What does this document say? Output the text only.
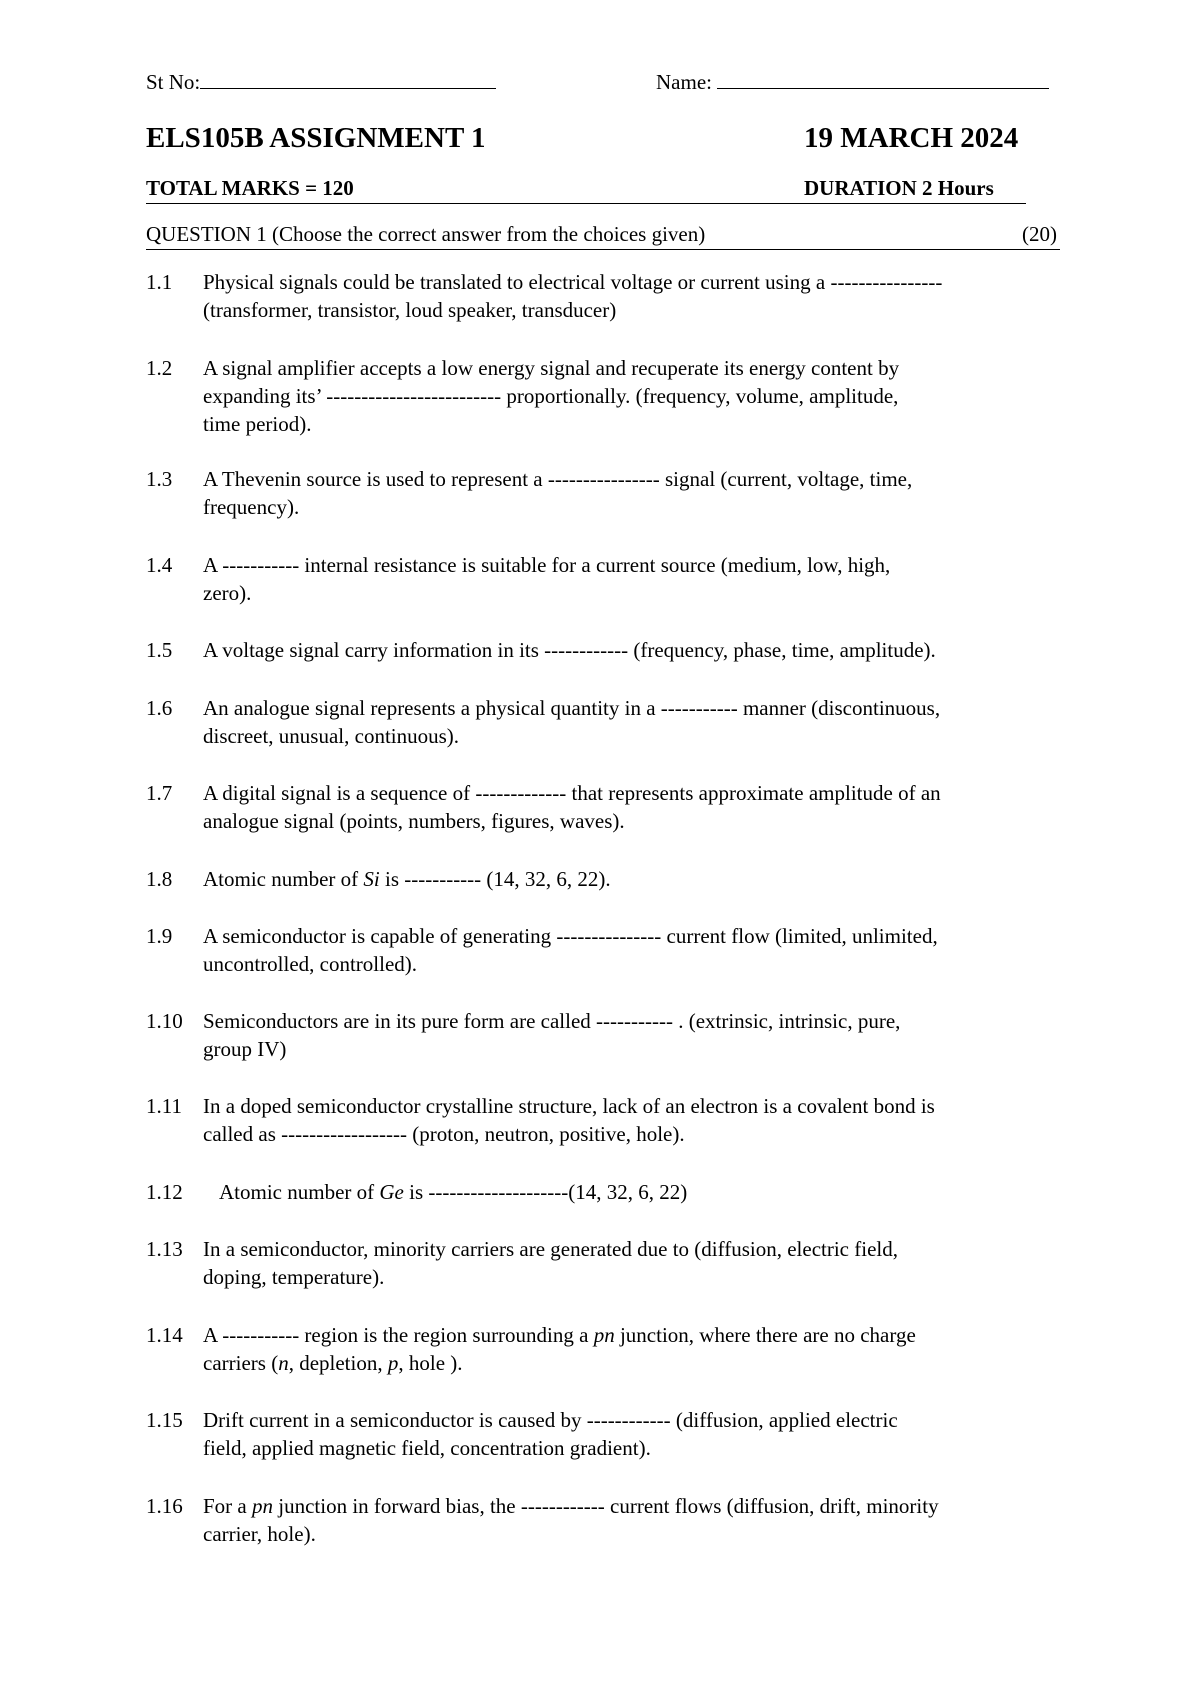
St No:	Name:
ELS105B ASSIGNMENT 1	19 MARCH 2024
TOTAL MARKS = 120	DURATION 2 Hours
QUESTION 1 (Choose the correct answer from the choices given)	(20)
1.1	Physical signals could be translated to electrical voltage or current using a ----------------
(transformer, transistor, loud speaker, transducer)
1.2	A signal amplifier accepts a low energy signal and recuperate its energy content by
expanding its’ ------------------------- proportionally. (frequency, volume, amplitude,
time period).
1.3	A Thevenin source is used to represent a ---------------- signal (current, voltage, time,
frequency).
1.4	A ----------- internal resistance is suitable for a current source (medium, low, high,
zero).
1.5	A voltage signal carry information in its ------------ (frequency, phase, time, amplitude).
1.6	An analogue signal represents a physical quantity in a ----------- manner (discontinuous,
discreet, unusual, continuous).
1.7	A digital signal is a sequence of ------------- that represents approximate amplitude of an
analogue signal (points, numbers, figures, waves).
1.8	Atomic number of Si is ----------- (14, 32, 6, 22).
1.9	A semiconductor is capable of generating --------------- current flow (limited, unlimited,
uncontrolled, controlled).
1.10 Semiconductors are in its pure form are called ----------- . (extrinsic, intrinsic, pure,
group IV)
1.11	In a doped semiconductor crystalline structure, lack of an electron is a covalent bond is
called as ------------------ (proton, neutron, positive, hole).
1.12	Atomic number of Ge is --------------------(14, 32, 6, 22)
1.13 In a semiconductor, minority carriers are generated due to (diffusion, electric field,
doping, temperature).
1.14 A ----------- region is the region surrounding a pn junction, where there are no charge
carriers (n, depletion, p, hole ).
1.15 Drift current in a semiconductor is caused by ------------ (diffusion, applied electric
field, applied magnetic field, concentration gradient).
1.16 For a pn junction in forward bias, the ------------ current flows (diffusion, drift, minority
carrier, hole).
